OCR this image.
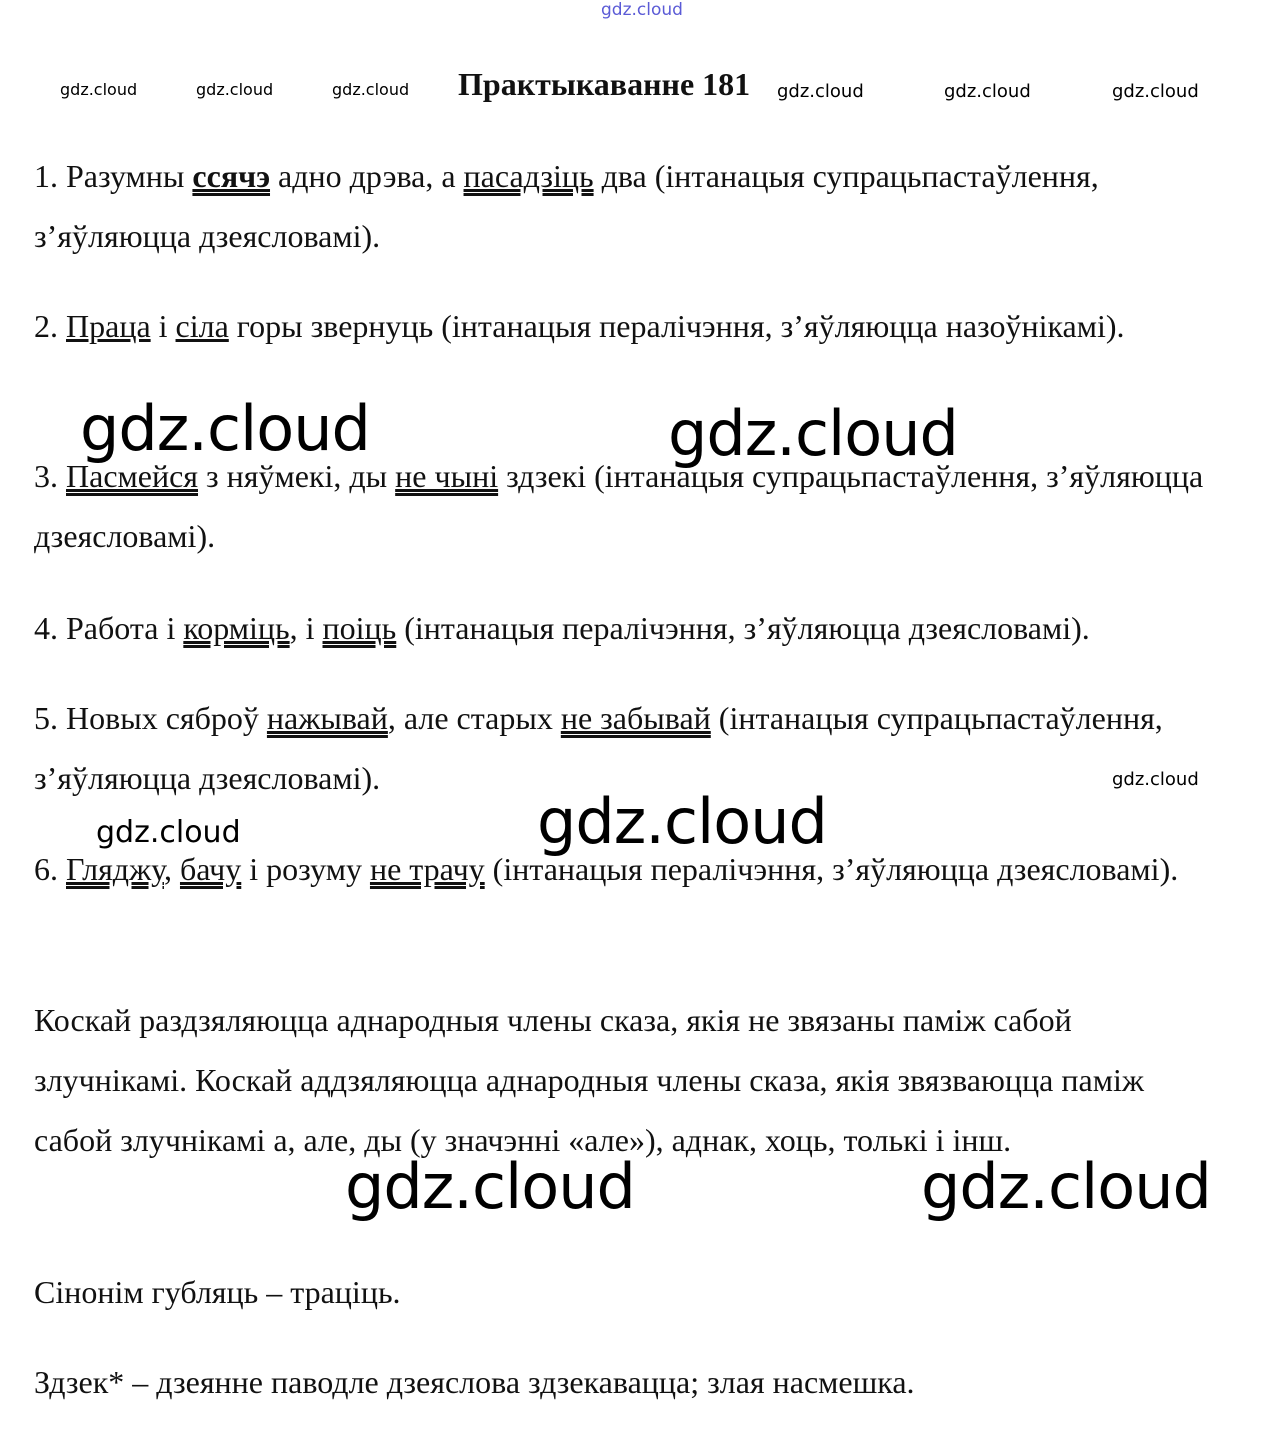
gdz.cloud
gdz.cloud	gdz.cloud	gdz.cloud	gdz.cloud	gdz.cloud	gdz.cloud
gdz.cloud	gdz.cloud
gdz.cloud
gdz.cloud
gdz.cloud
gdz.cloud	gdz.cloud
Практыкаванне 181
1. Разумны ссячэ адно дрэва, а пасадзіць два (інтанацыя супрацьпастаўлення, з’яўляюцца дзеясловамі).
2. Праца і сіла горы звернуць (інтанацыя пералічэння, з’яўляюцца назоўнікамі).
3. Пасмейся з няўмекі, ды не чыні здзекі (інтанацыя супрацьпастаўлення, з’яўляюцца дзеясловамі).
4. Работа і корміць, і поіць (інтанацыя пералічэння, з’яўляюцца дзеясловамі).
5. Новых сяброў нажывай, але старых не забывай (інтанацыя супрацьпастаўлення, з’яўляюцца дзеясловамі).
6. Гляджу, бачу і розуму не трачу (інтанацыя пералічэння, з’яўляюцца дзеясловамі).
Коскай раздзяляюцца аднародныя члены сказа, якія не звязаны паміж сабой злучнікамі. Коскай аддзяляюцца аднародныя члены сказа, якія звязваюцца паміж сабой злучнікамі а, але, ды (у значэнні «але»), аднак, хоць, толькі і інш.
Сінонім губляць – траціць.
Здзек* – дзеянне паводле дзеяслова здзекавацца; злая насмешка.
